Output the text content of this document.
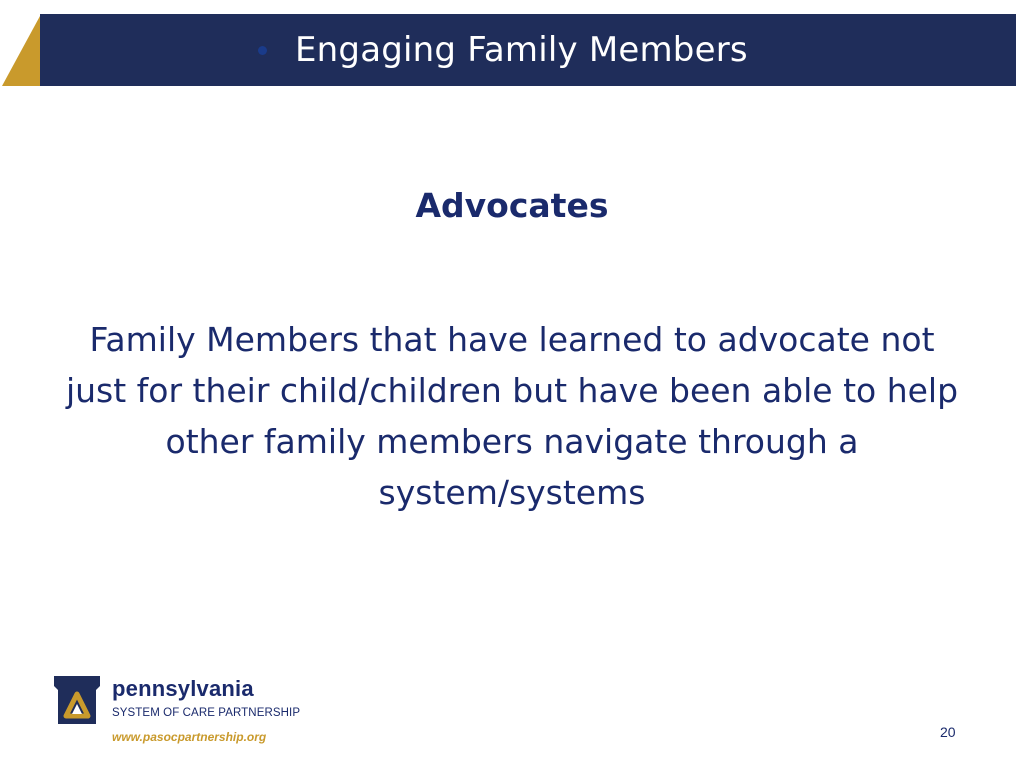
Engaging Family Members
Advocates
Family Members that have learned to advocate not just for their child/children but have been able to help other family members navigate through a system/systems
pennsylvania
SYSTEM OF CARE PARTNERSHIP
www.pasocpartnership.org	20
